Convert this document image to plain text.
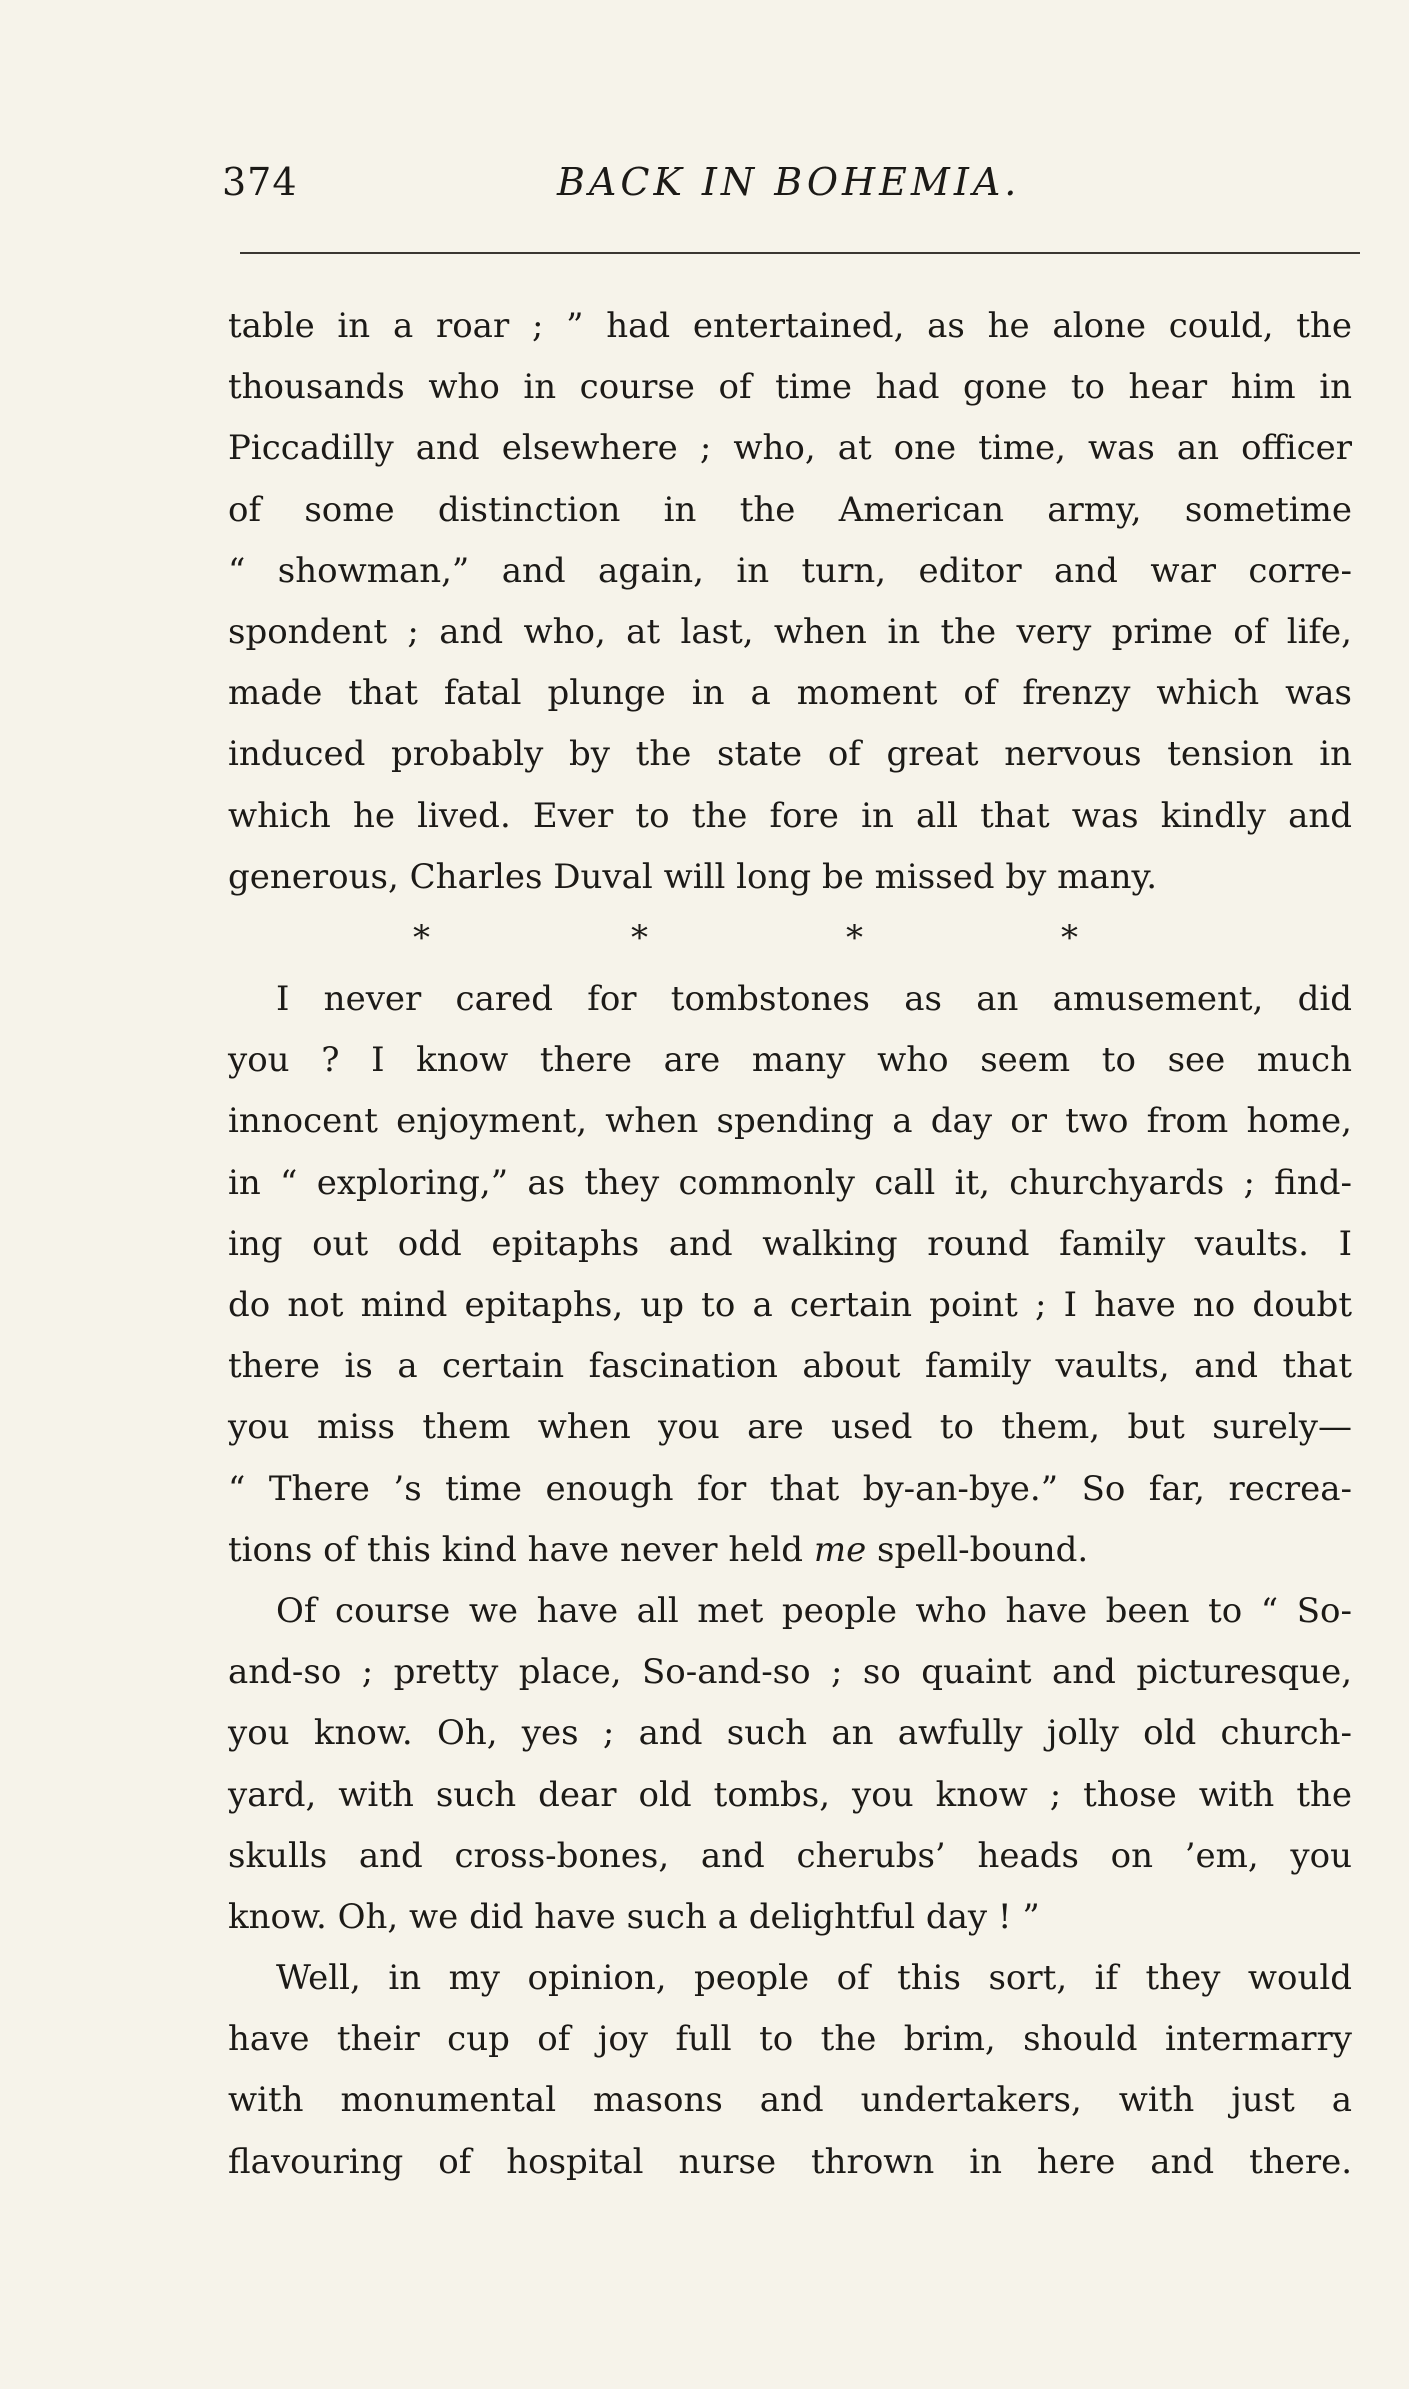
374	BACK IN BOHEMIA.
table in a roar ; ” had entertained, as he alone could, the
thousands who in course of time had gone to hear him in
Piccadilly and elsewhere ; who, at one time, was an officer
of some distinction in the American army, sometime
“ showman,” and again, in turn, editor and war corre-
spondent ; and who, at last, when in the very prime of life,
made that fatal plunge in a moment of frenzy which was
induced probably by the state of great nervous tension in
which he lived. Ever to the fore in all that was kindly and
generous, Charles Duval will long be missed by many.
*	*	*	*
I never cared for tombstones as an amusement, did
you ? I know there are many who seem to see much
innocent enjoyment, when spending a day or two from home,
in “ exploring,” as they commonly call it, churchyards ; find-
ing out odd epitaphs and walking round family vaults. I
do not mind epitaphs, up to a certain point ; I have no doubt
there is a certain fascination about family vaults, and that
you miss them when you are used to them, but surely—
“ There ’s time enough for that by-an-bye.” So far, recrea-
tions of this kind have never held me spell-bound.
Of course we have all met people who have been to “ So-
and-so ; pretty place, So-and-so ; so quaint and picturesque,
you know. Oh, yes ; and such an awfully jolly old church-
yard, with such dear old tombs, you know ; those with the
skulls and cross-bones, and cherubs’ heads on ’em, you
know. Oh, we did have such a delightful day ! ”
Well, in my opinion, people of this sort, if they would
have their cup of joy full to the brim, should intermarry
with monumental masons and undertakers, with just a
flavouring of hospital nurse thrown in here and there.
